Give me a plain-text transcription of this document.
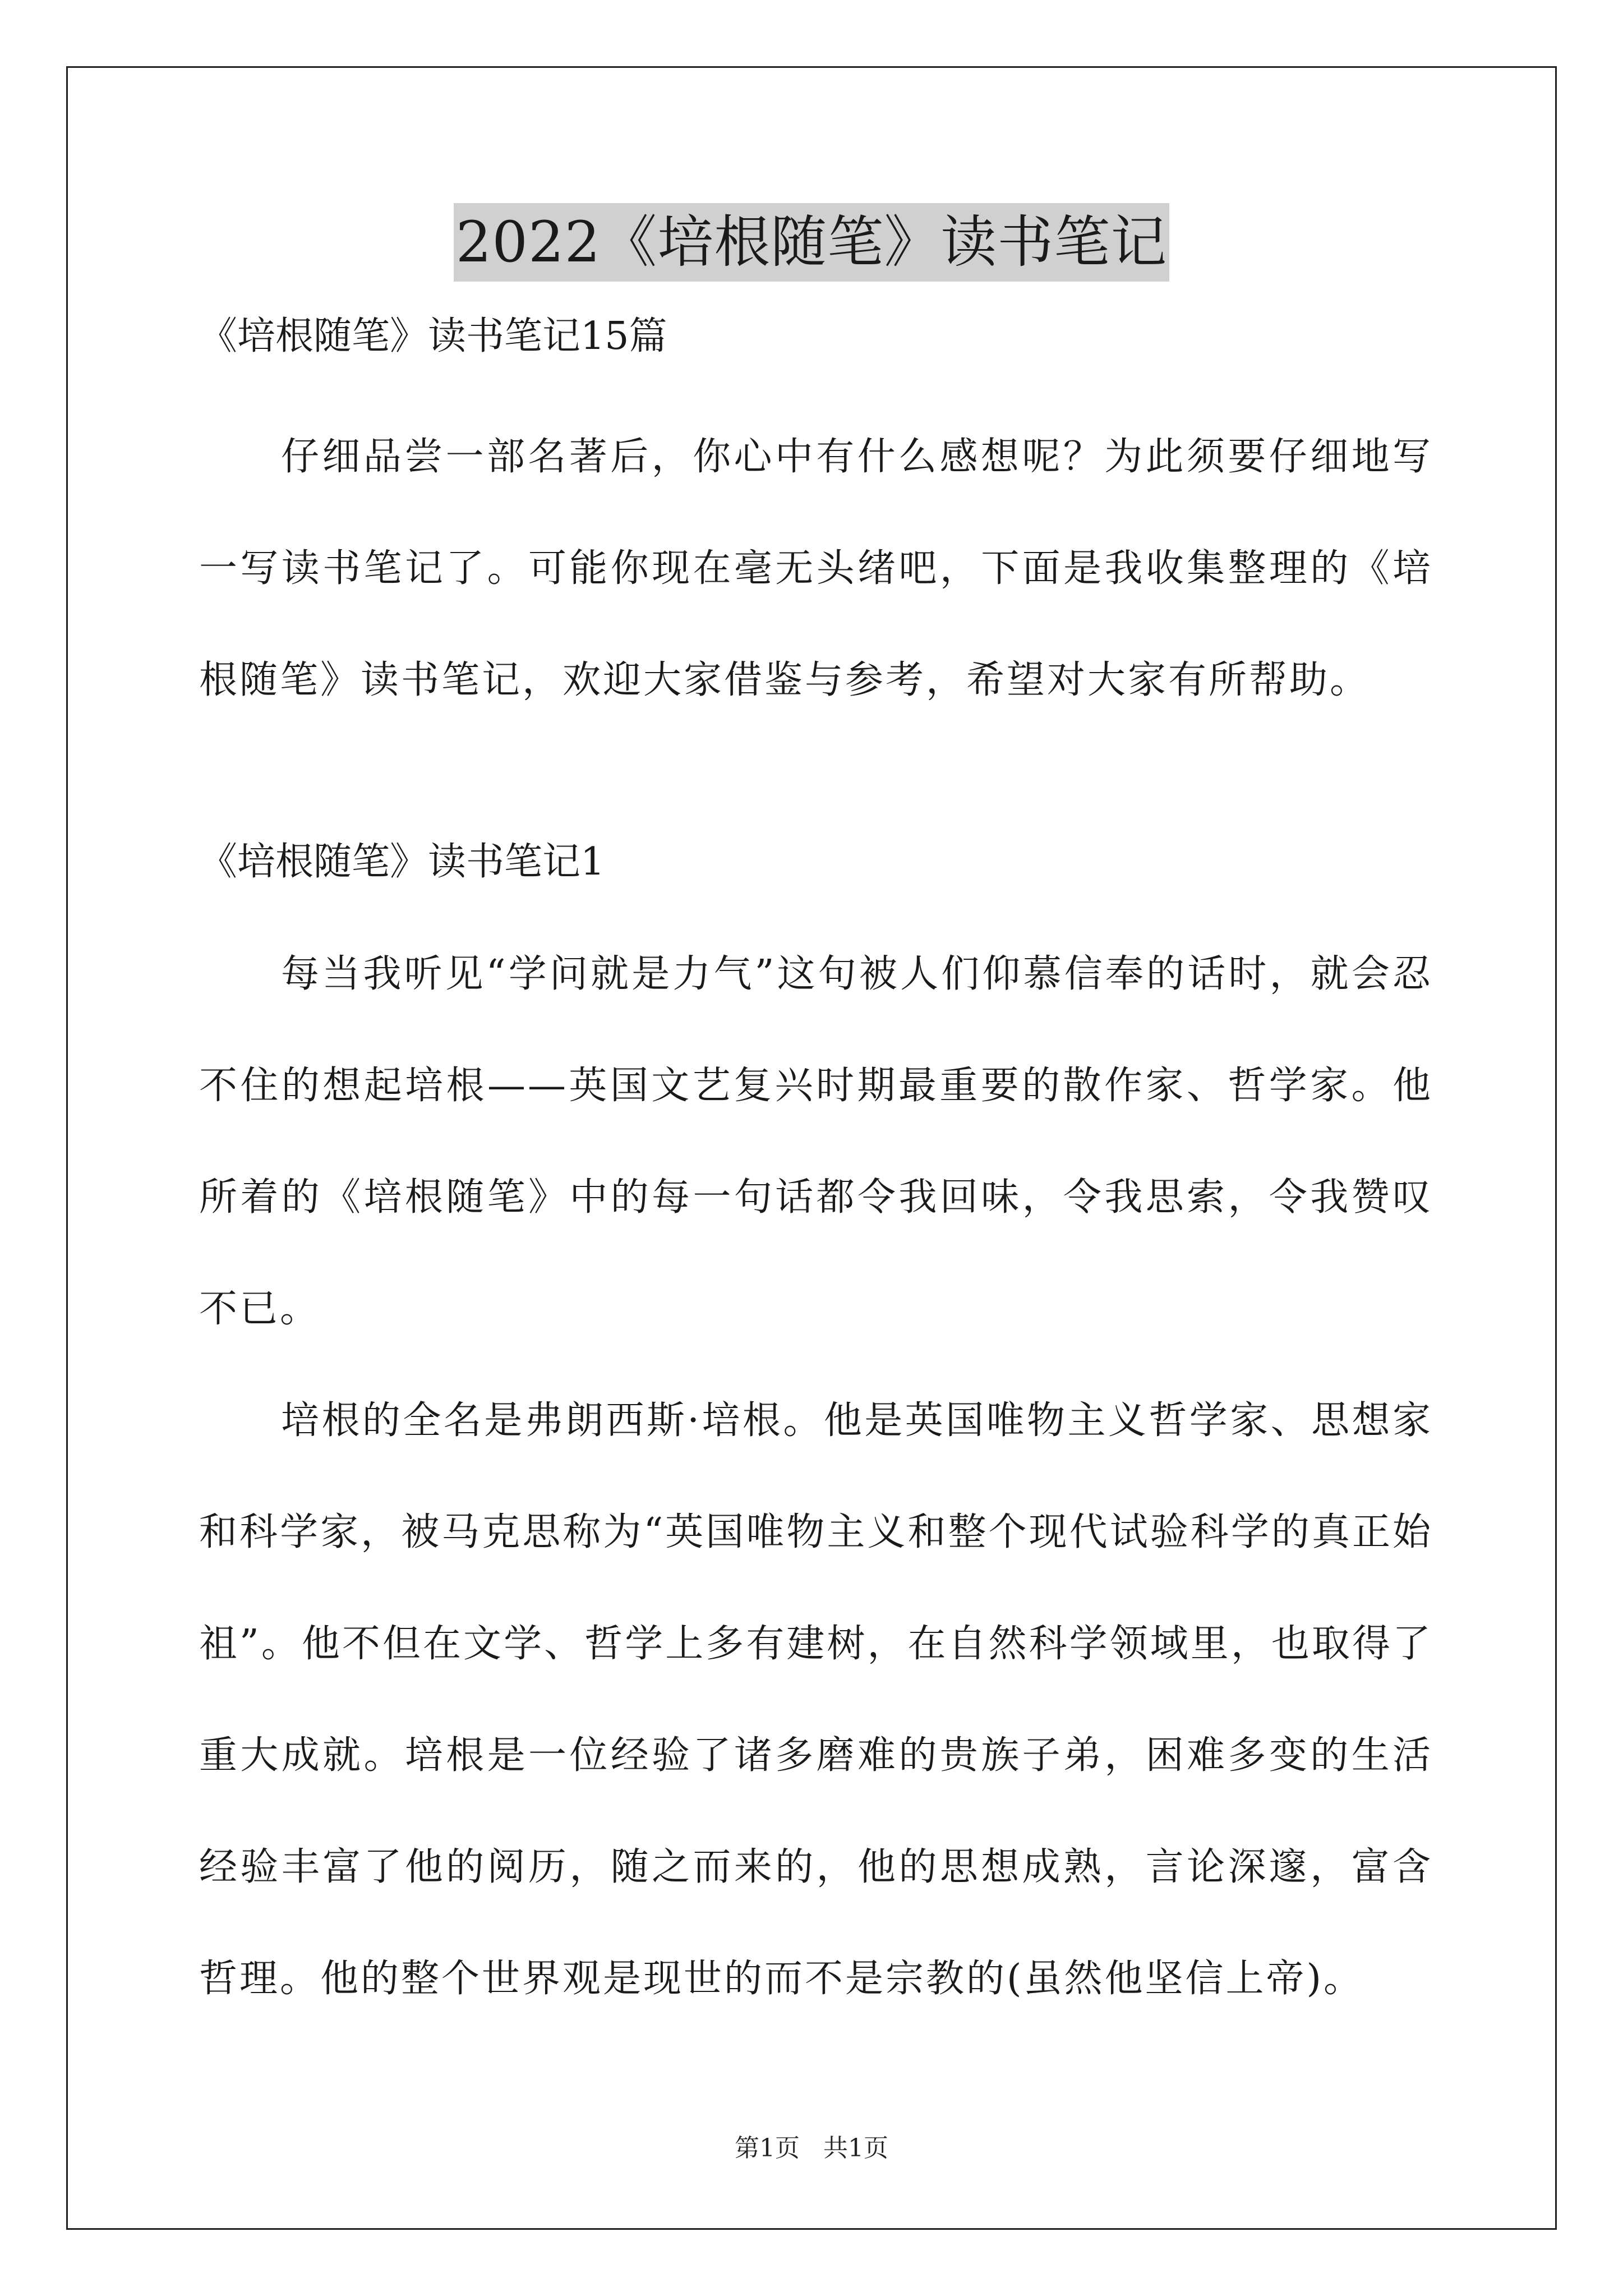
2022《培根随笔》读书笔记

《培根随笔》读书笔记15篇

仔细品尝一部名著后，你心中有什么感想呢？为此须要仔细地写一写读书笔记了。可能你现在毫无头绪吧，下面是我收集整理的《培根随笔》读书笔记，欢迎大家借鉴与参考，希望对大家有所帮助。

《培根随笔》读书笔记1

每当我听见“学问就是力气”这句被人们仰慕信奉的话时，就会忍不住的想起培根——英国文艺复兴时期最重要的散作家、哲学家。他所着的《培根随笔》中的每一句话都令我回味，令我思索，令我赞叹不已。

培根的全名是弗朗西斯·培根。他是英国唯物主义哲学家、思想家和科学家，被马克思称为“英国唯物主义和整个现代试验科学的真正始祖”。他不但在文学、哲学上多有建树，在自然科学领域里，也取得了重大成就。培根是一位经验了诸多磨难的贵族子弟，困难多变的生活经验丰富了他的阅历，随之而来的，他的思想成熟，言论深邃，富含哲理。他的整个世界观是现世的而不是宗教的(虽然他坚信上帝)。

第1页 共1页
